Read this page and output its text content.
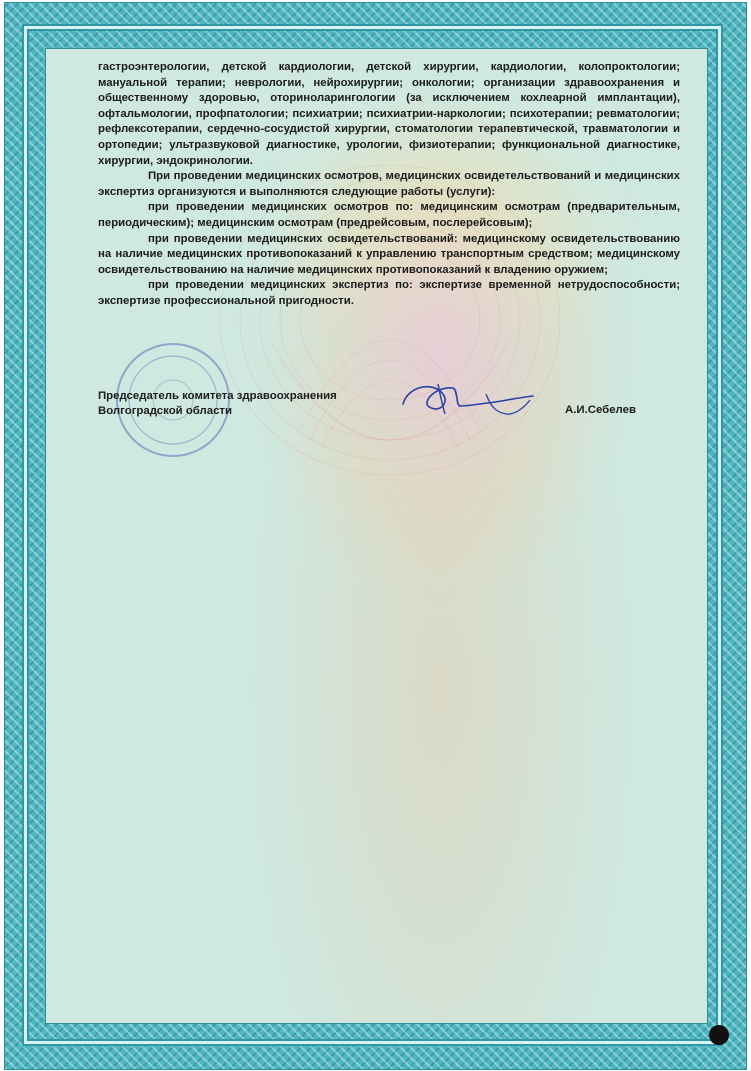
гастроэнтерологии, детской кардиологии, детской хирургии, кардиологии, колопроктологии; мануальной терапии; неврологии, нейрохирургии; онкологии; организации здравоохранения и общественному здоровью, оториноларингологии (за исключением кохлеарной имплантации), офтальмологии, профпатологии; психиатрии; психиатрии-наркологии; психотерапии; ревматологии; рефлексотерапии, сердечно-сосудистой хирургии, стоматологии терапевтической, травматологии и ортопедии; ультразвуковой диагностике, урологии, физиотерапии; функциональной диагностике, хирургии, эндокринологии.

При проведении медицинских осмотров, медицинских освидетельствований и медицинских экспертиз организуются и выполняются следующие работы (услуги):

при проведении медицинских осмотров по: медицинским осмотрам (предварительным, периодическим); медицинским осмотрам (предрейсовым, послерейсовым);

при проведении медицинских освидетельствований: медицинскому освидетельствованию на наличие медицинских противопоказаний к управлению транспортным средством; медицинскому освидетельствованию на наличие медицинских противопоказаний к владению оружием;

при проведении медицинских экспертиз по: экспертизе временной нетрудоспособности; экспертизе профессиональной пригодности.

Председатель комитета здравоохранения
Волгоградской области	А.И.Себелев
